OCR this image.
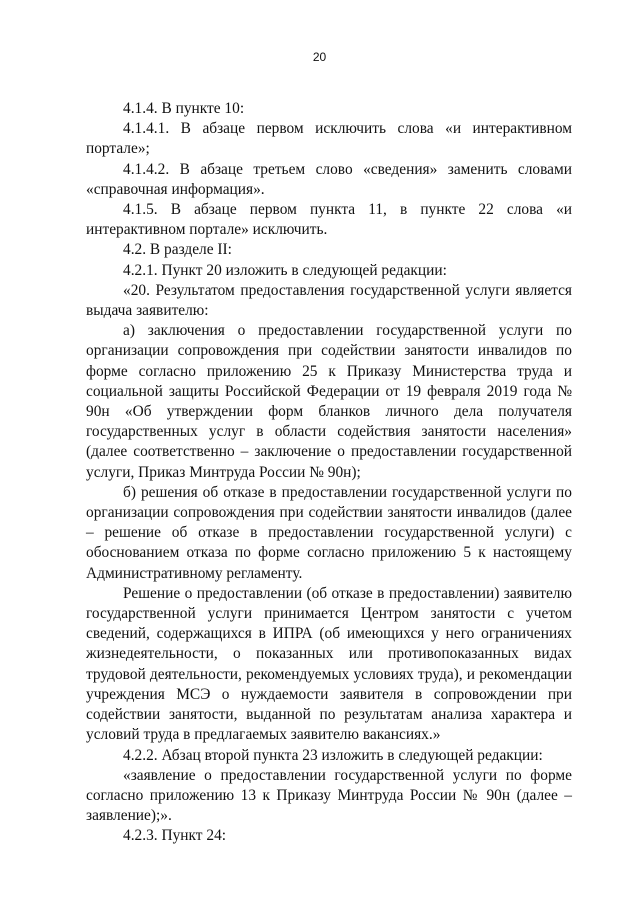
20

4.1.4. В пункте 10:

4.1.4.1. В абзаце первом исключить слова «и интерактивном портале»;

4.1.4.2. В абзаце третьем слово «сведения» заменить словами «справочная информация».

4.1.5. В абзаце первом пункта 11, в пункте 22 слова «и интерактивном портале» исключить.

4.2. В разделе II:

4.2.1. Пункт 20 изложить в следующей редакции:

«20. Результатом предоставления государственной услуги является выдача заявителю:

а) заключения о предоставлении государственной услуги по организации сопровождения при содействии занятости инвалидов по форме согласно приложению 25 к Приказу Министерства труда и социальной защиты Российской Федерации от 19 февраля 2019 года № 90н «Об утверждении форм бланков личного дела получателя государственных услуг в области содействия занятости населения» (далее соответственно – заключение о предоставлении государственной услуги, Приказ Минтруда России № 90н);

б) решения об отказе в предоставлении государственной услуги по организации сопровождения при содействии занятости инвалидов (далее – решение об отказе в предоставлении государственной услуги) с обоснованием отказа по форме согласно приложению 5 к настоящему Административному регламенту.

Решение о предоставлении (об отказе в предоставлении) заявителю государственной услуги принимается Центром занятости с учетом сведений, содержащихся в ИПРА (об имеющихся у него ограничениях жизнедеятельности, о показанных или противопоказанных видах трудовой деятельности, рекомендуемых условиях труда), и рекомендации учреждения МСЭ о нуждаемости заявителя в сопровождении при содействии занятости, выданной по результатам анализа характера и условий труда в предлагаемых заявителю вакансиях.»

4.2.2. Абзац второй пункта 23 изложить в следующей редакции:

«заявление о предоставлении государственной услуги по форме согласно приложению 13 к Приказу Минтруда России № 90н (далее – заявление);».

4.2.3. Пункт 24:
